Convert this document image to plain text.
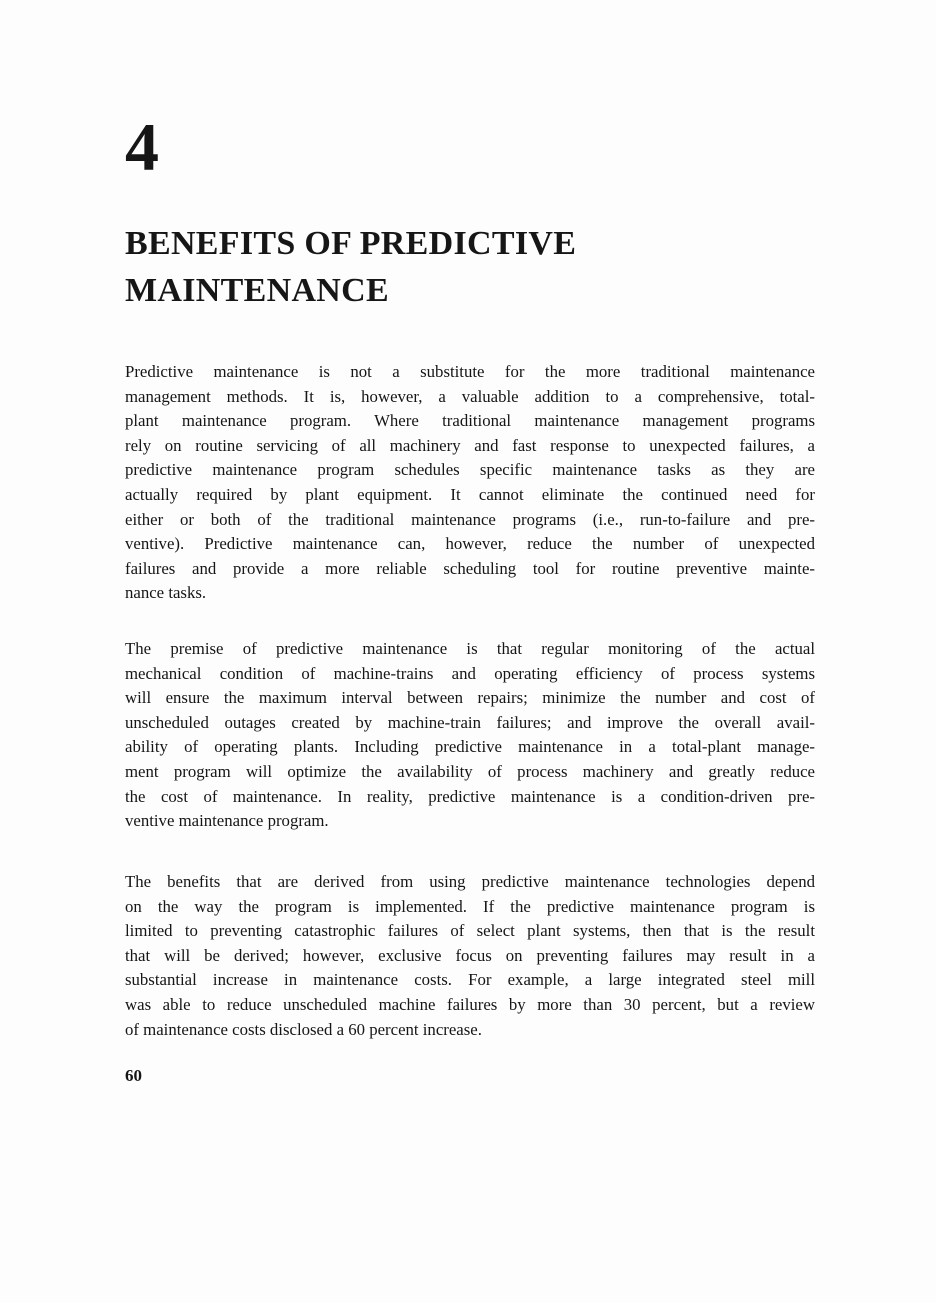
4
BENEFITS OF PREDICTIVE
MAINTENANCE
Predictive maintenance is not a substitute for the more traditional maintenance
management methods. It is, however, a valuable addition to a comprehensive, total-
plant maintenance program. Where traditional maintenance management programs
rely on routine servicing of all machinery and fast response to unexpected failures, a
predictive maintenance program schedules specific maintenance tasks as they are
actually required by plant equipment. It cannot eliminate the continued need for
either or both of the traditional maintenance programs (i.e., run-to-failure and pre-
ventive). Predictive maintenance can, however, reduce the number of unexpected
failures and provide a more reliable scheduling tool for routine preventive mainte-
nance tasks.
The premise of predictive maintenance is that regular monitoring of the actual
mechanical condition of machine-trains and operating efficiency of process systems
will ensure the maximum interval between repairs; minimize the number and cost of
unscheduled outages created by machine-train failures; and improve the overall avail-
ability of operating plants. Including predictive maintenance in a total-plant manage-
ment program will optimize the availability of process machinery and greatly reduce
the cost of maintenance. In reality, predictive maintenance is a condition-driven pre-
ventive maintenance program.
The benefits that are derived from using predictive maintenance technologies depend
on the way the program is implemented. If the predictive maintenance program is
limited to preventing catastrophic failures of select plant systems, then that is the result
that will be derived; however, exclusive focus on preventing failures may result in a
substantial increase in maintenance costs. For example, a large integrated steel mill
was able to reduce unscheduled machine failures by more than 30 percent, but a review
of maintenance costs disclosed a 60 percent increase.
60
